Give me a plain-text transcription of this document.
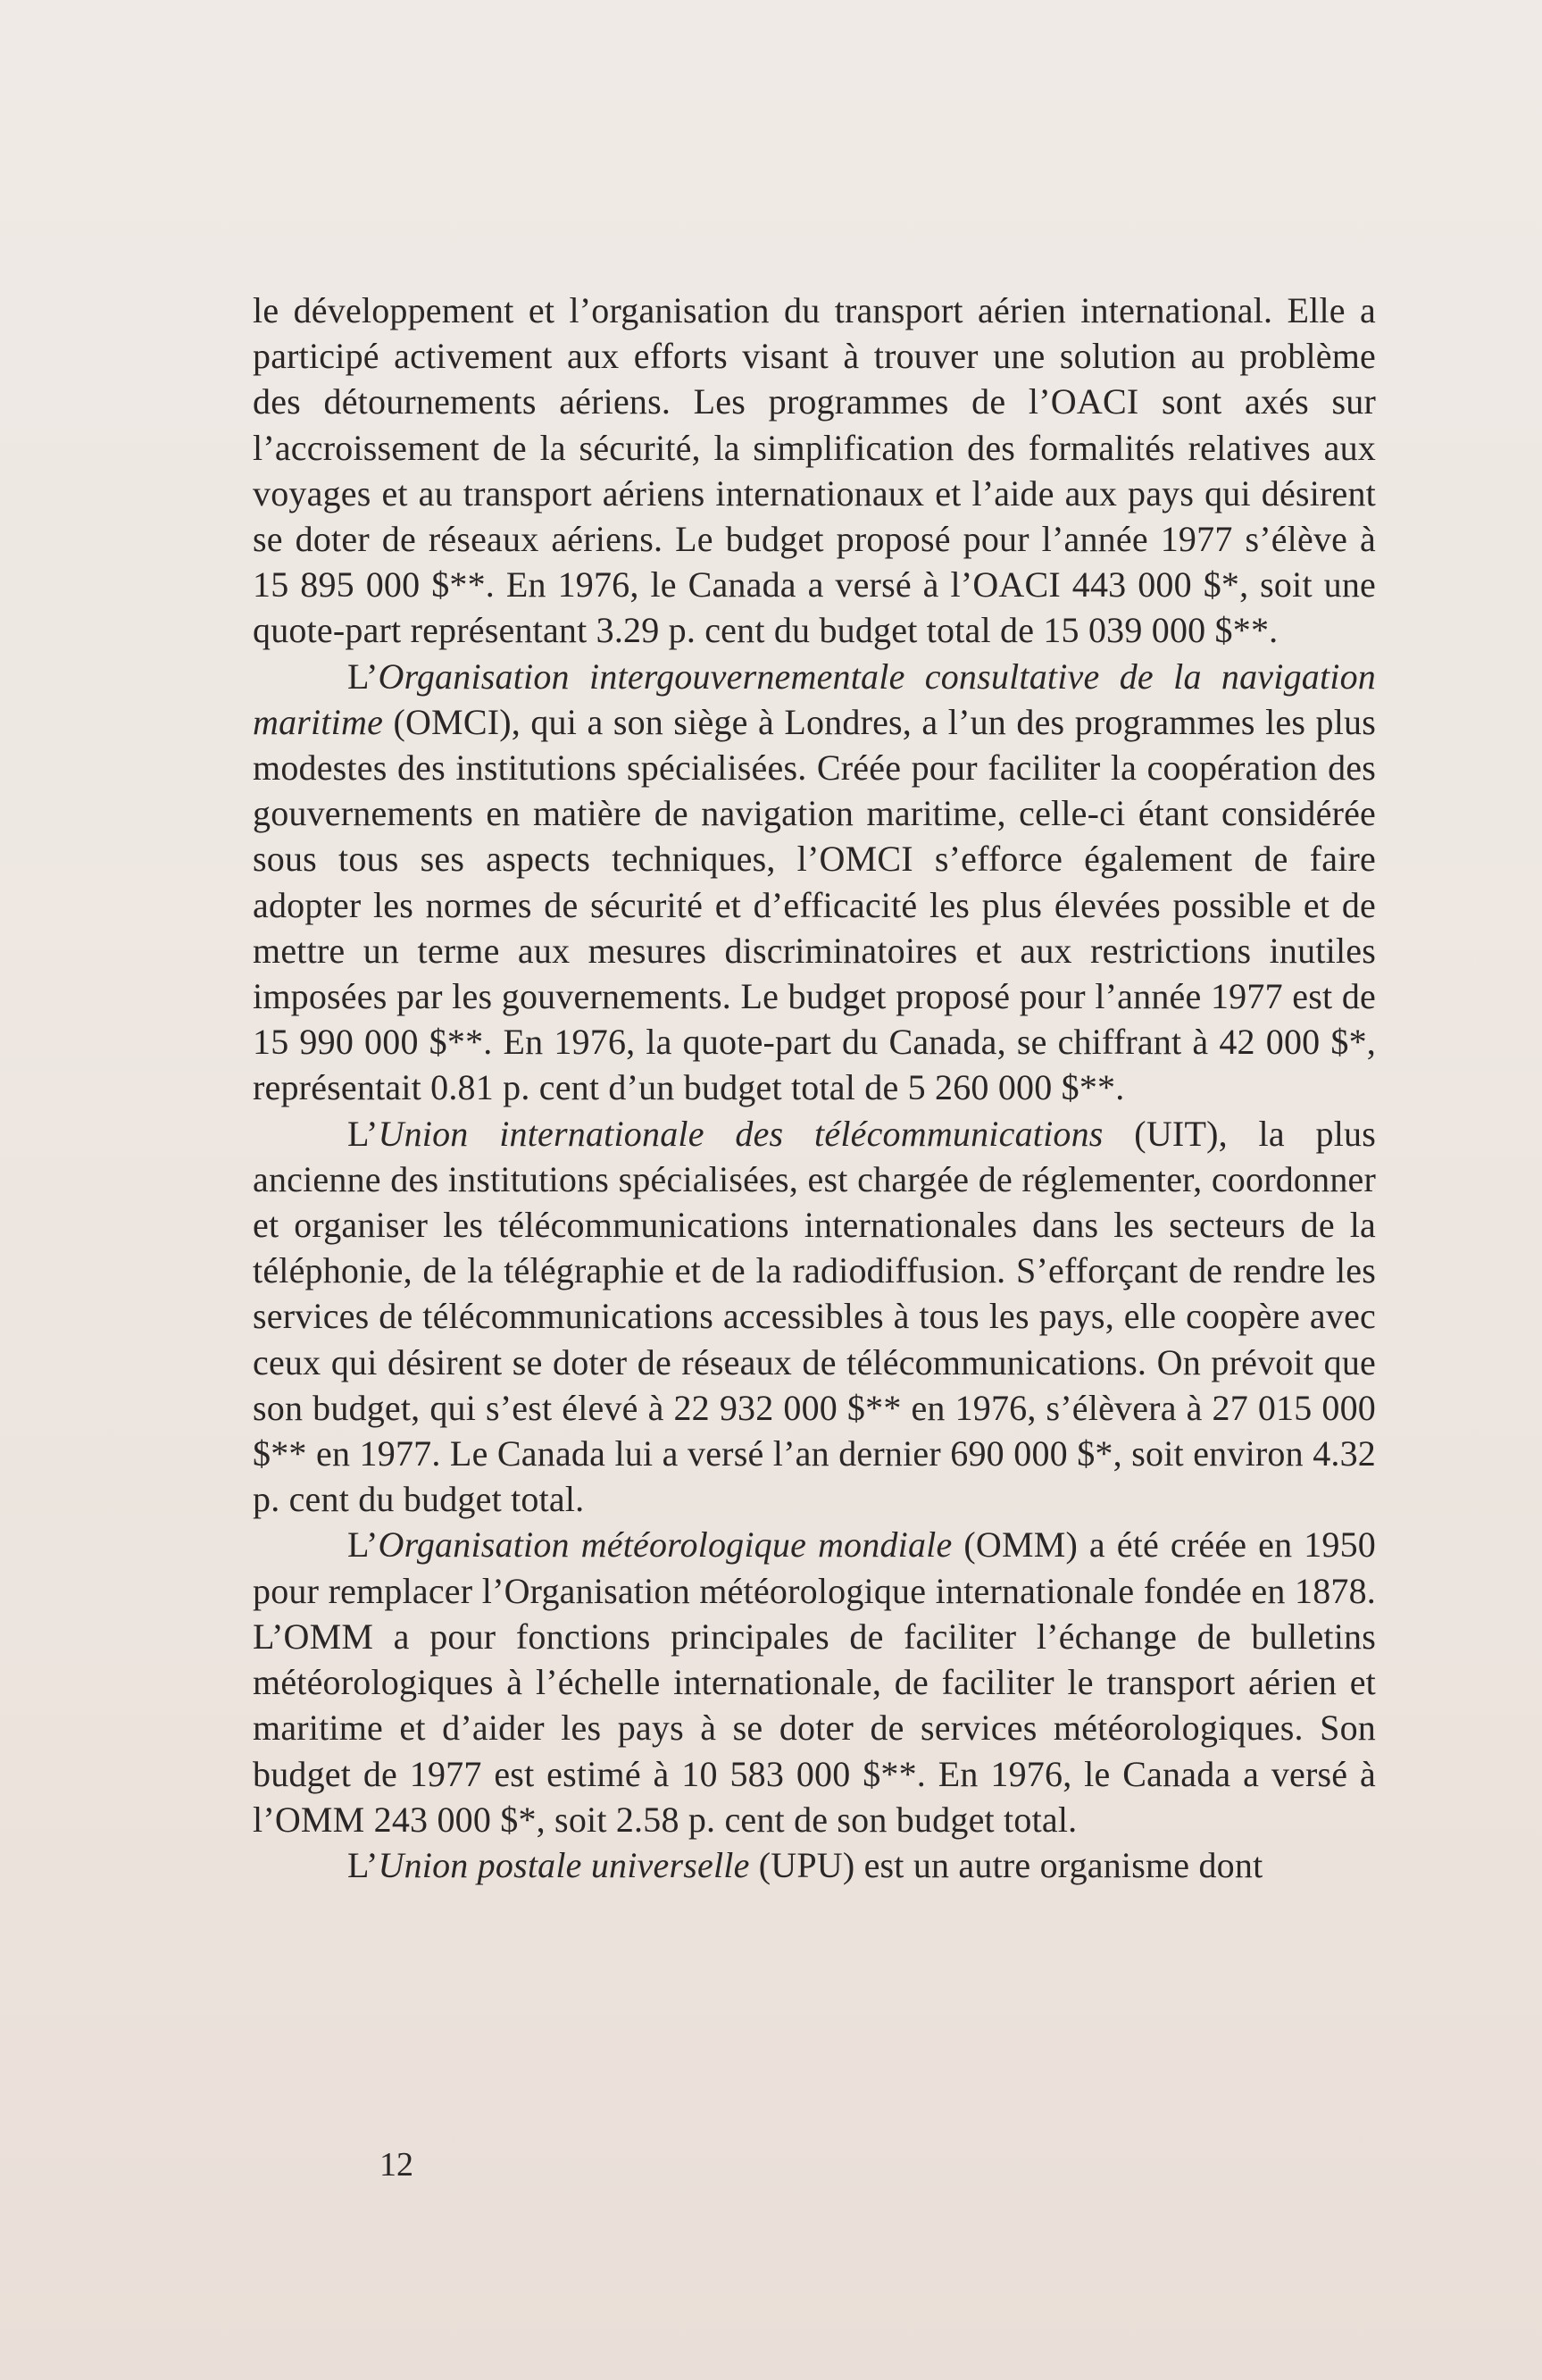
le développement et l’organisation du transport aérien international. Elle a participé activement aux efforts visant à trouver une solution au problème des détournements aériens. Les programmes de l’OACI sont axés sur l’accroissement de la sécurité, la simplification des formalités relatives aux voyages et au transport aériens internationaux et l’aide aux pays qui désirent se doter de réseaux aériens. Le budget proposé pour l’année 1977 s’élève à 15 895 000 $**. En 1976, le Canada a versé à l’OACI 443 000 $*, soit une quote-part représentant 3.29 p. cent du budget total de 15 039 000 $**.

L’Organisation intergouvernementale consultative de la navigation maritime (OMCI), qui a son siège à Londres, a l’un des programmes les plus modestes des institutions spécialisées. Créée pour faciliter la coopération des gouvernements en matière de navigation maritime, celle-ci étant considérée sous tous ses aspects techniques, l’OMCI s’efforce également de faire adopter les normes de sécurité et d’efficacité les plus élevées possible et de mettre un terme aux mesures discriminatoires et aux restrictions inutiles imposées par les gouvernements. Le budget proposé pour l’année 1977 est de 15 990 000 $**. En 1976, la quote-part du Canada, se chiffrant à 42 000 $*, représentait 0.81 p. cent d’un budget total de 5 260 000 $**.

L’Union internationale des télécommunications (UIT), la plus ancienne des institutions spécialisées, est chargée de réglementer, coordonner et organiser les télécommunications internationales dans les secteurs de la téléphonie, de la télégraphie et de la radiodiffusion. S’efforçant de rendre les services de télécommunications accessibles à tous les pays, elle coopère avec ceux qui désirent se doter de réseaux de télécommunications. On prévoit que son budget, qui s’est élevé à 22 932 000 $** en 1976, s’élèvera à 27 015 000 $** en 1977. Le Canada lui a versé l’an dernier 690 000 $*, soit environ 4.32 p. cent du budget total.

L’Organisation météorologique mondiale (OMM) a été créée en 1950 pour remplacer l’Organisation météorologique internationale fondée en 1878. L’OMM a pour fonctions principales de faciliter l’échange de bulletins météorologiques à l’échelle internationale, de faciliter le transport aérien et maritime et d’aider les pays à se doter de services météorologiques. Son budget de 1977 est estimé à 10 583 000 $**. En 1976, le Canada a versé à l’OMM 243 000 $*, soit 2.58 p. cent de son budget total.

L’Union postale universelle (UPU) est un autre organisme dont

12
